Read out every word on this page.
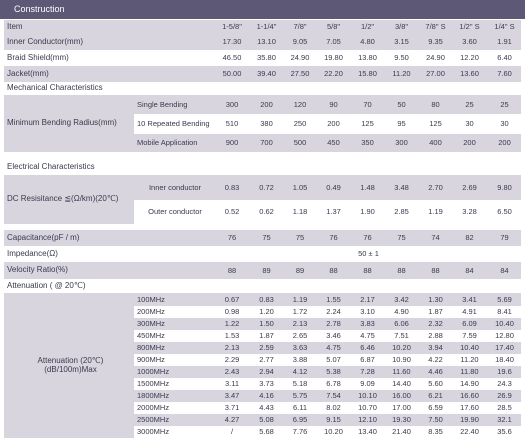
Construction
Item		1-5/8"	1-1/4"	7/8"	5/8"	1/2"	3/8"	7/8" S	1/2" S	1/4" S
Inner Conductor(mm)		17.30	13.10	9.05	7.05	4.80	3.15	9.35	3.60	1.91
Braid Shield(mm)		46.50	35.80	24.90	19.80	13.80	9.50	24.90	12.20	6.40
Jacket(mm)		50.00	39.40	27.50	22.20	15.80	11.20	27.00	13.60	7.60
Mechanical Characteristics										
Minimum Bending Radius(mm)	Single Bending	300	200	120	90	70	50	80	25	25
	10 Repeated Bending	510	380	250	200	125	95	125	30	30
	Mobile Application	900	700	500	450	350	300	400	200	200

Electrical Characteristics										
DC Resisitance ≦(Ω/km)(20℃)	Inner conductor	0.83	0.72	1.05	0.49	1.48	3.48	2.70	2.69	9.80
	Outer conductor	0.52	0.62	1.18	1.37	1.90	2.85	1.19	3.28	6.50

Capacitance(pF / m)		76	75	75	76	76	75	74	82	79
Impedance(Ω)		50 ± 1								
Velocity Ratio(%)		88	89	89	88	88	88	88	84	84
Attenuation ( @ 20℃)										

Attenuation (20℃)
(dB/100m)Max	100MHz	0.67	0.83	1.19	1.55	2.17	3.42	1.30	3.41	5.69
	200MHz	0.98	1.20	1.72	2.24	3.10	4.90	1.87	4.91	8.41
	300MHz	1.22	1.50	2.13	2.78	3.83	6.06	2.32	6.09	10.40
	450MHz	1.53	1.87	2.65	3.46	4.75	7.51	2.88	7.59	12.80
	800MHz	2.13	2.59	3.63	4.75	6.46	10.20	3.94	10.40	17.40
	900MHz	2.29	2.77	3.88	5.07	6.87	10.90	4.22	11.20	18.40
	1000MHz	2.43	2.94	4.12	5.38	7.28	11.60	4.46	11.80	19.6
	1500MHz	3.11	3.73	5.18	6.78	9.09	14.40	5.60	14.90	24.3
	1800MHz	3.47	4.16	5.75	7.54	10.10	16.00	6.21	16.60	26.9
	2000MHz	3.71	4.43	6.11	8.02	10.70	17.00	6.59	17.60	28.5
	2500MHz	4.27	5.08	6.95	9.15	12.10	19.30	7.50	19.90	32.1
	3000MHz	/	5.68	7.76	10.20	13.40	21.40	8.35	22.40	35.6
